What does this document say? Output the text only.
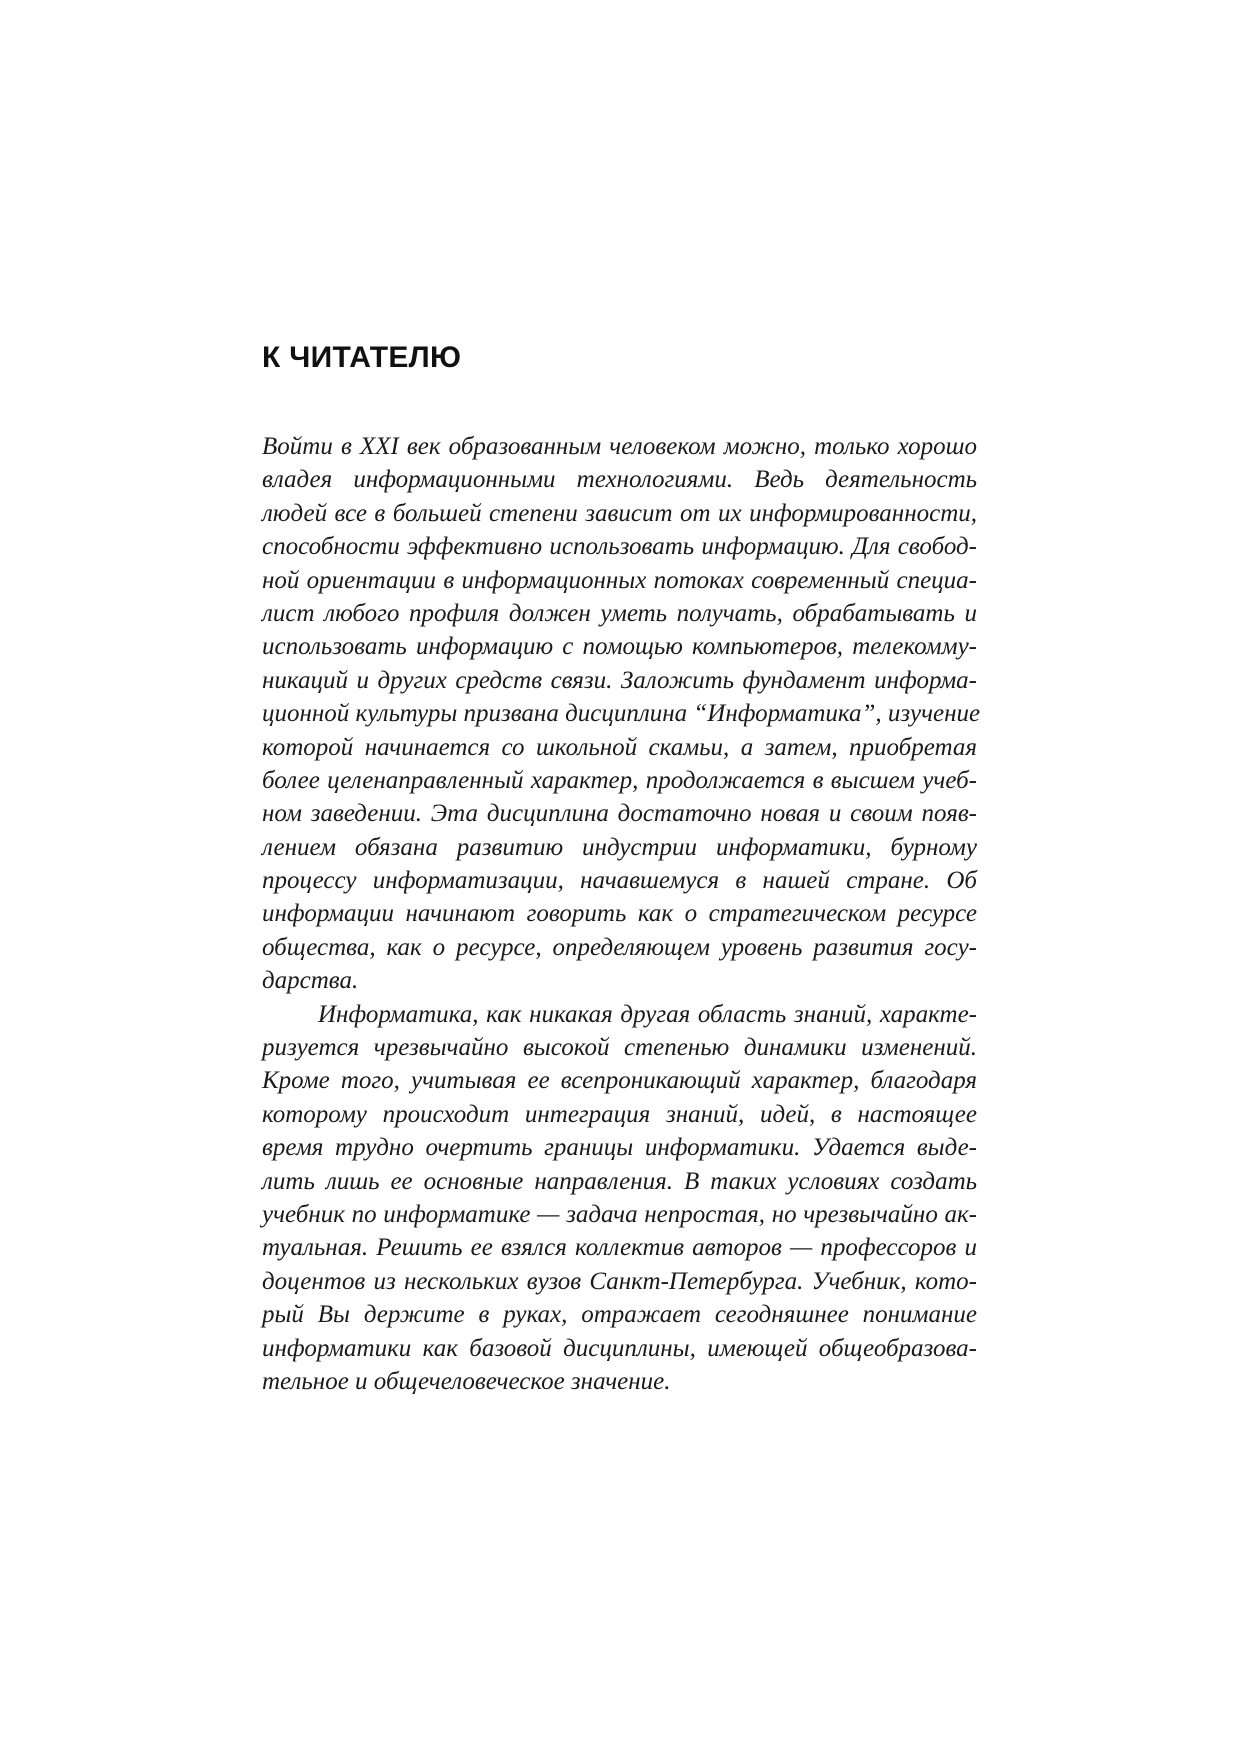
К ЧИТАТЕЛЮ
Войти в XXI век образованным человеком можно, только хорошо
владея информационными технологиями. Ведь деятельность
людей все в большей степени зависит от их информированности,
способности эффективно использовать информацию. Для свобод-
ной ориентации в информационных потоках современный специа-
лист любого профиля должен уметь получать, обрабатывать и
использовать информацию с помощью компьютеров, телекомму-
никаций и других средств связи. Заложить фундамент информа-
ционной культуры призвана дисциплина “Информатика”, изучение
которой начинается со школьной скамьи, а затем, приобретая
более целенаправленный характер, продолжается в высшем учеб-
ном заведении. Эта дисциплина достаточно новая и своим появ-
лением обязана развитию индустрии информатики, бурному
процессу информатизации, начавшемуся в нашей стране. Об
информации начинают говорить как о стратегическом ресурсе
общества, как о ресурсе, определяющем уровень развития госу-
дарства.
Информатика, как никакая другая область знаний, характе-
ризуется чрезвычайно высокой степенью динамики изменений.
Кроме того, учитывая ее всепроникающий характер, благодаря
которому происходит интеграция знаний, идей, в настоящее
время трудно очертить границы информатики. Удается выде-
лить лишь ее основные направления. В таких условиях создать
учебник по информатике — задача непростая, но чрезвычайно ак-
туальная. Решить ее взялся коллектив авторов — профессоров и
доцентов из нескольких вузов Санкт-Петербурга. Учебник, кото-
рый Вы держите в руках, отражает сегодняшнее понимание
информатики как базовой дисциплины, имеющей общеобразова-
тельное и общечеловеческое значение.
